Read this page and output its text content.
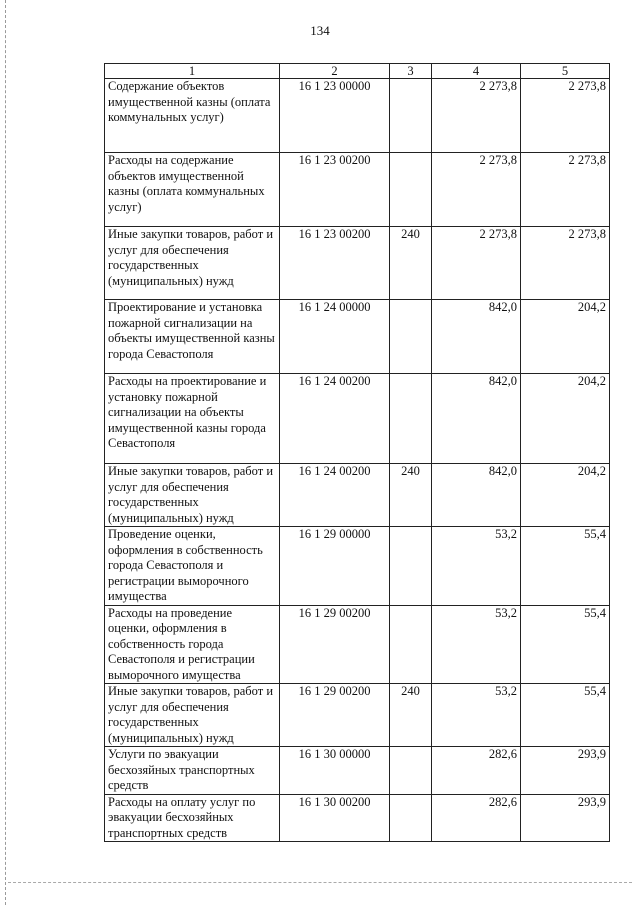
134
1	2	3	4	5
Содержание объектов имущественной казны (оплата коммунальных услуг)	16 1 23 00000		2 273,8	2 273,8
Расходы на содержание объектов имущественной казны (оплата коммунальных услуг)	16 1 23 00200		2 273,8	2 273,8
Иные закупки товаров, работ и услуг для обеспечения государственных (муниципальных) нужд	16 1 23 00200	240	2 273,8	2 273,8
Проектирование и установка пожарной сигнализации на объекты имущественной казны города Севастополя	16 1 24 00000		842,0	204,2
Расходы на проектирование и установку пожарной сигнализации на объекты имущественной казны города Севастополя	16 1 24 00200		842,0	204,2
Иные закупки товаров, работ и услуг для обеспечения государственных (муниципальных) нужд	16 1 24 00200	240	842,0	204,2
Проведение оценки, оформления в собственность города Севастополя и регистрации выморочного имущества	16 1 29 00000		53,2	55,4
Расходы на проведение оценки, оформления в собственность города Севастополя и регистрации выморочного имущества	16 1 29 00200		53,2	55,4
Иные закупки товаров, работ и услуг для обеспечения государственных (муниципальных) нужд	16 1 29 00200	240	53,2	55,4
Услуги по эвакуации бесхозяйных транспортных средств	16 1 30 00000		282,6	293,9
Расходы на оплату услуг по эвакуации бесхозяйных транспортных средств	16 1 30 00200		282,6	293,9
